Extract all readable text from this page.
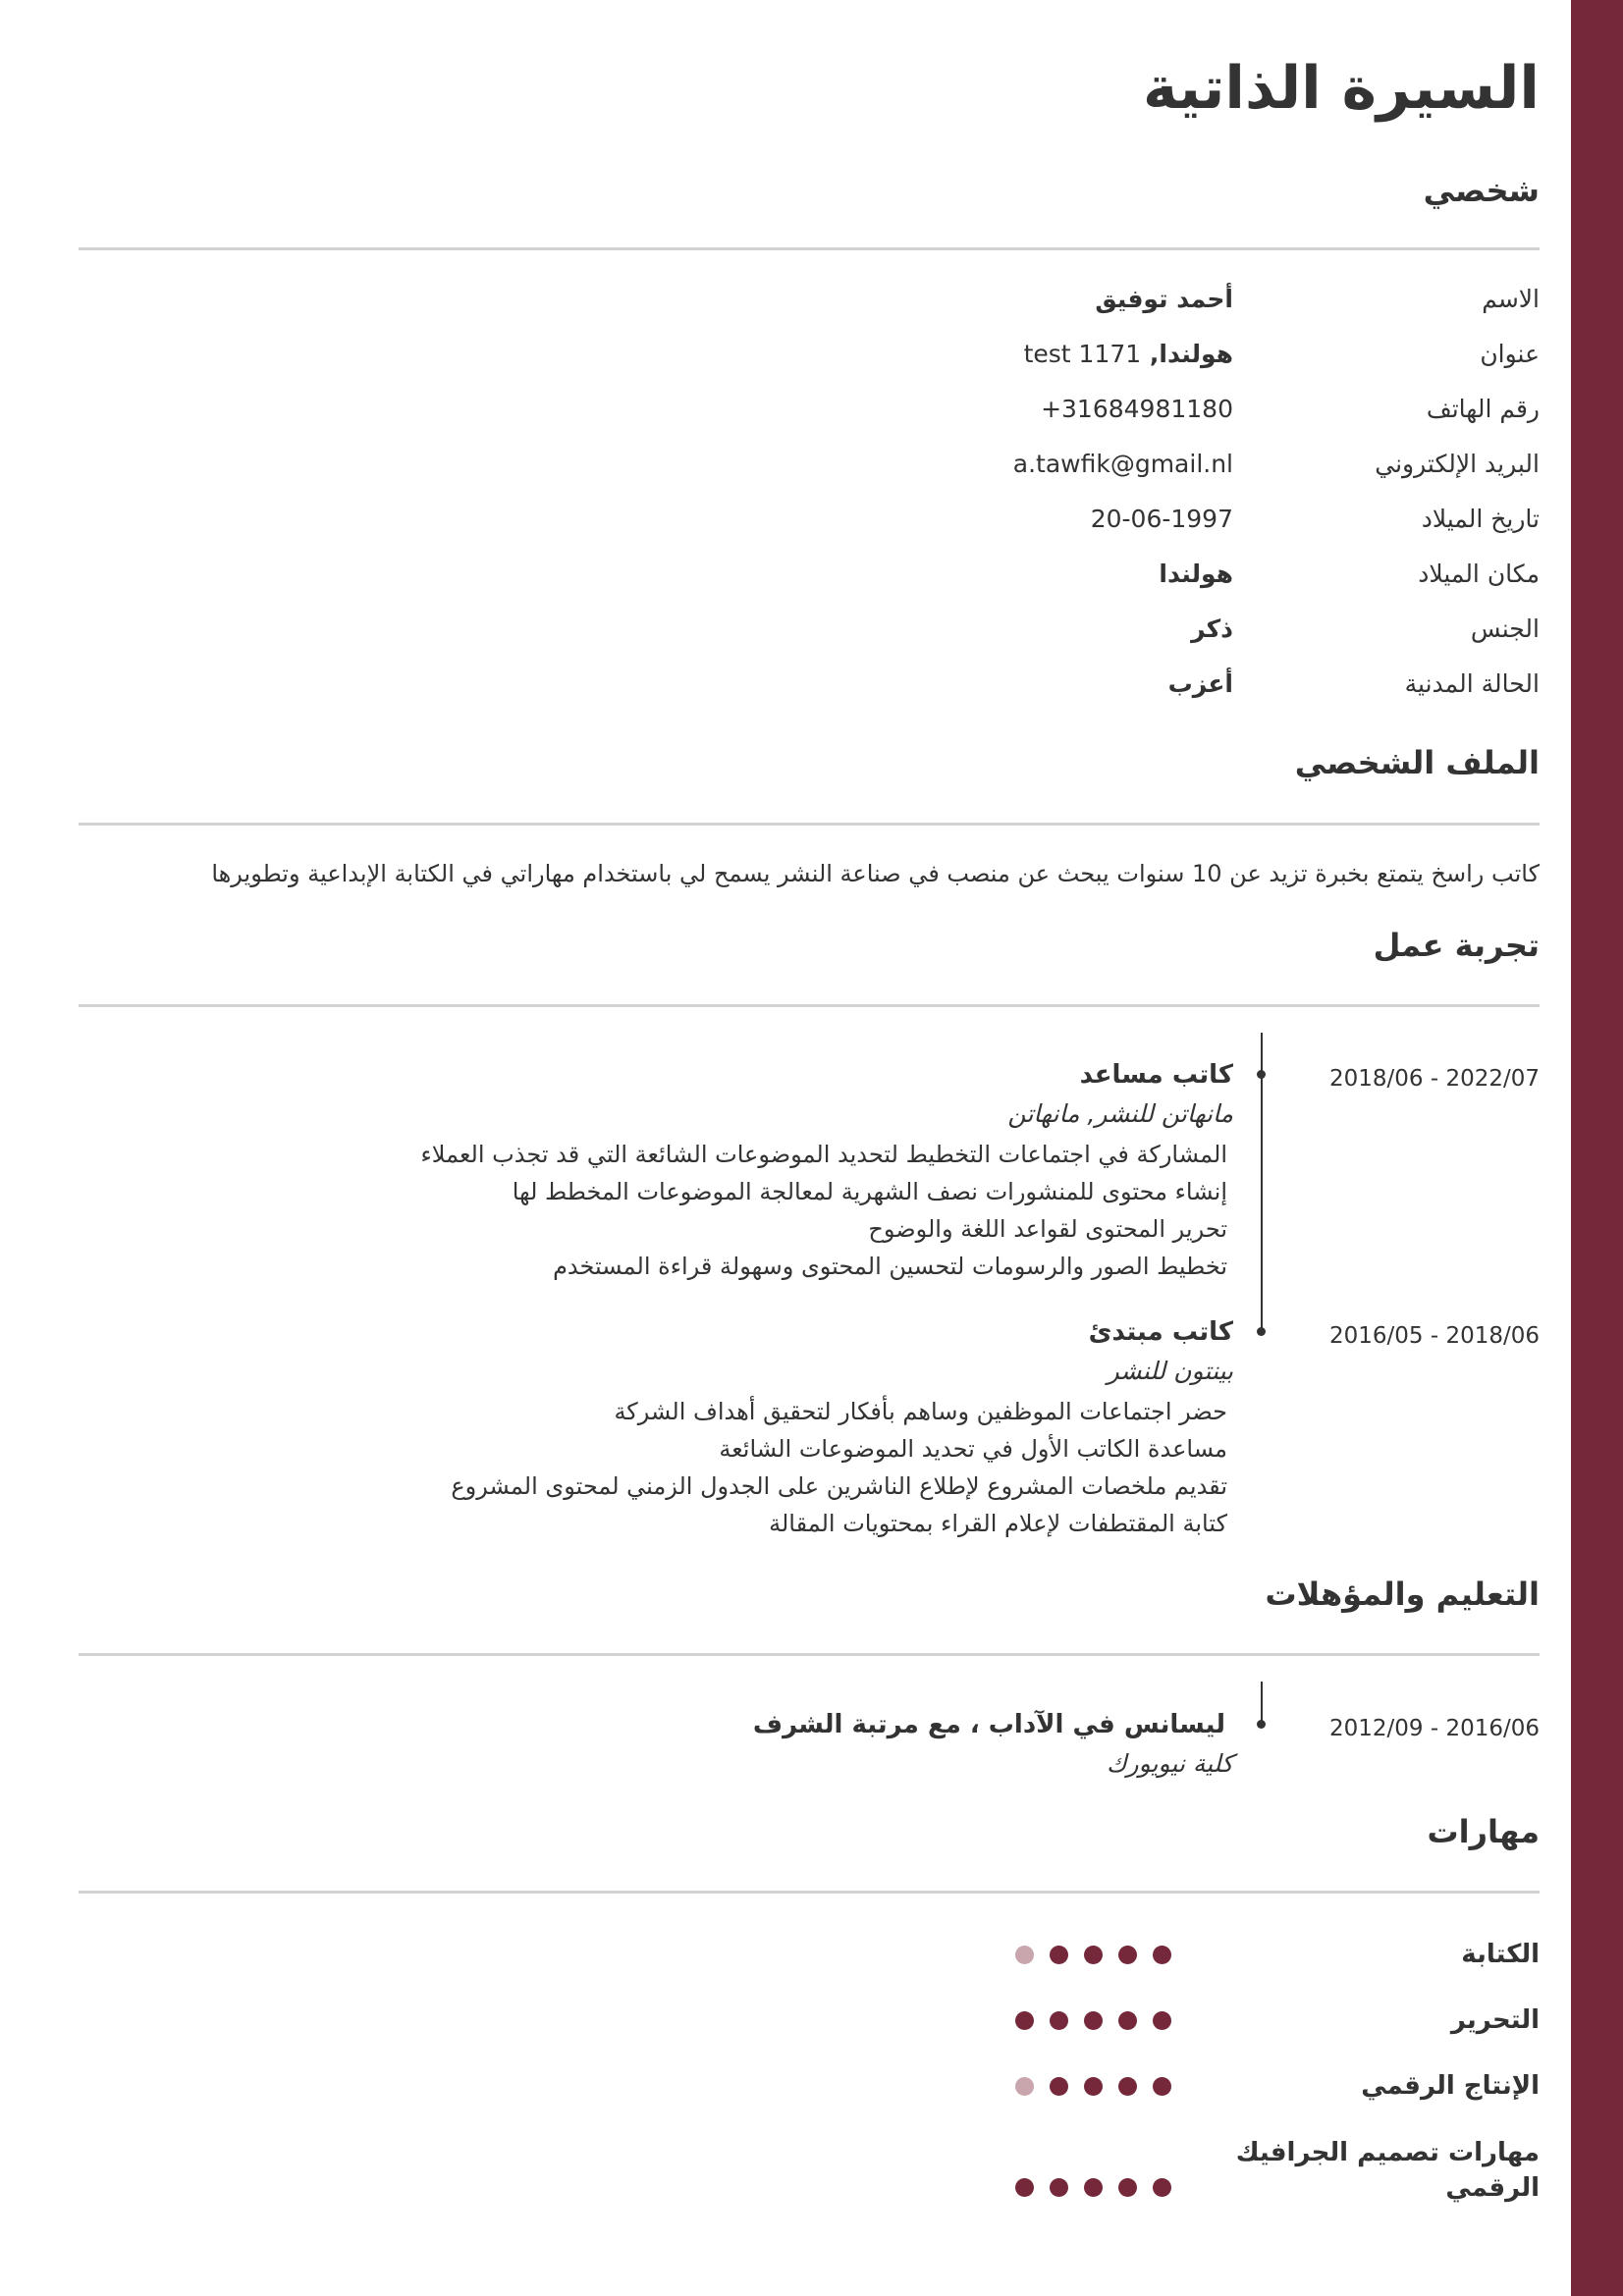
السيرة الذاتية
شخصي
الاسم
أحمد توفيق
عنوان
هولندا, test 1171
رقم الهاتف
+31684981180
البريد الإلكتروني
a.tawfik@gmail.nl
تاريخ الميلاد
20-06-1997
مكان الميلاد
هولندا
الجنس
ذكر
الحالة المدنية
أعزب
الملف الشخصي
كاتب راسخ يتمتع بخبرة تزيد عن 10 سنوات يبحث عن منصب في صناعة النشر يسمح لي باستخدام مهاراتي في الكتابة الإبداعية وتطويرها
تجربة عمل
2018/06 - 2022/07
كاتب مساعد
مانهاتن للنشر, مانهاتن
المشاركة في اجتماعات التخطيط لتحديد الموضوعات الشائعة التي قد تجذب العملاء
إنشاء محتوى للمنشورات نصف الشهرية لمعالجة الموضوعات المخطط لها
تحرير المحتوى لقواعد اللغة والوضوح
تخطيط الصور والرسومات لتحسين المحتوى وسهولة قراءة المستخدم
2016/05 - 2018/06
كاتب مبتدئ
بينتون للنشر
حضر اجتماعات الموظفين وساهم بأفكار لتحقيق أهداف الشركة
مساعدة الكاتب الأول في تحديد الموضوعات الشائعة
تقديم ملخصات المشروع لإطلاع الناشرين على الجدول الزمني لمحتوى المشروع
كتابة المقتطفات لإعلام القراء بمحتويات المقالة
التعليم والمؤهلات
2012/09 - 2016/06
ليسانس في الآداب ، مع مرتبة الشرف
كلية نيويورك
مهارات
الكتابة
التحرير
الإنتاج الرقمي
مهارات تصميم الجرافيك الرقمي
